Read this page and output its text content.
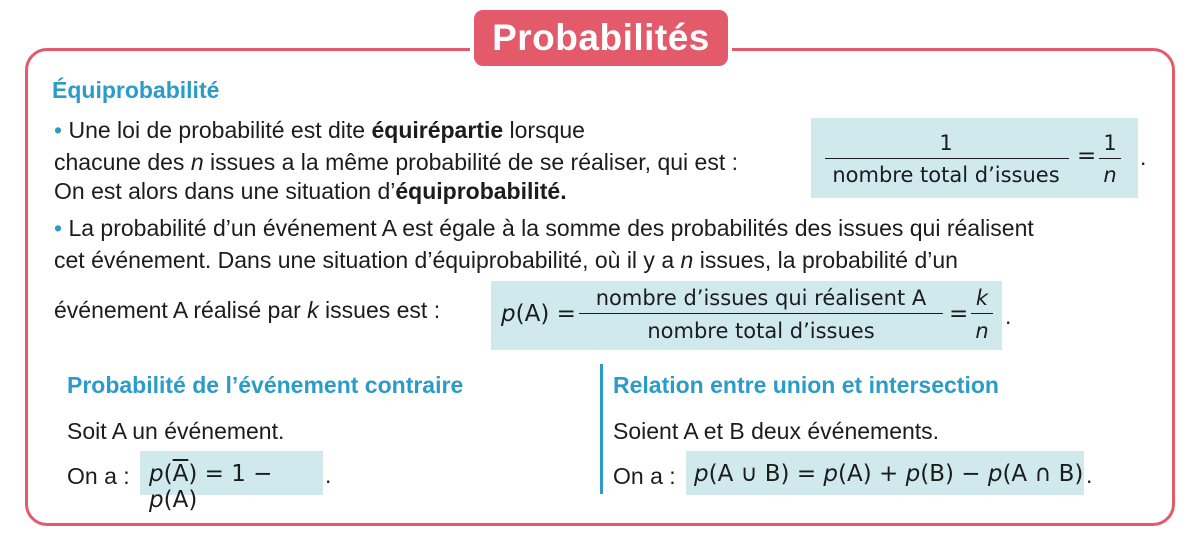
Probabilités
Équiprobabilité
• Une loi de probabilité est dite équirépartie lorsque
chacune des n issues a la même probabilité de se réaliser, qui est :
On est alors dans une situation d’équiprobabilité.
1
nombre total d’issues
= 1
n
.
• La probabilité d’un événement A est égale à la somme des probabilités des issues qui réalisent
cet événement. Dans une situation d’équiprobabilité, où il y a n issues, la probabilité d’un
événement A réalisé par k issues est :	p(A) =
nombre d’issues qui réalisent A
nombre total d’issues
=
k
n
.
Probabilité de l’événement contraire
Soit A un événement.
On a : $p(\overline{A}) = 1 - p(A)$
.
Relation entre union et intersection
Soient A et B deux événements.
On a : p(A ∪ B) = p(A) + p(B) − p(A ∩ B) .
